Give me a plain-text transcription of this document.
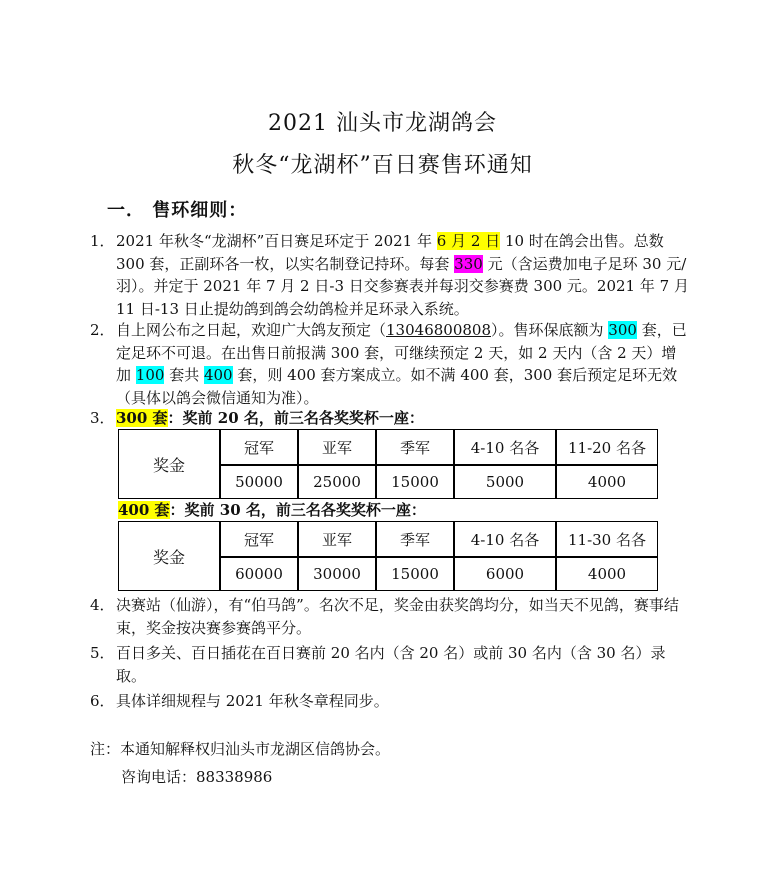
2021 汕头市龙湖鸽会
秋冬“龙湖杯”百日赛售环通知
一． 售环细则：
1． 2021 年秋冬“龙湖杯”百日赛足环定于 2021 年 6 月 2 日 10 时在鸽会出售。总数 300 套，正副环各一枚，以实名制登记持环。每套 330 元（含运费加电子足环 30 元/羽）。并定于 2021 年 7 月 2 日-3 日交参赛表并每羽交参赛费 300 元。2021 年 7 月 11 日-13 日止提幼鸽到鸽会幼鸽检并足环录入系统。
2． 自上网公布之日起，欢迎广大鸽友预定（13046800808）。售环保底额为 300 套，已定足环不可退。在出售日前报满 300 套，可继续预定 2 天，如 2 天内（含 2 天）增加 100 套共 400 套，则 400 套方案成立。如不满 400 套，300 套后预定足环无效（具体以鸽会微信通知为准）。
3． 300 套：奖前 20 名，前三名各奖奖杯一座：
奖金	冠军	亚军	季军	4-10 名各	11-20 名各
	50000	25000	15000	5000	4000
400 套：奖前 30 名，前三名各奖奖杯一座：
奖金	冠军	亚军	季军	4-10 名各	11-30 名各
	60000	30000	15000	6000	4000
4． 决赛站（仙游），有“伯马鸽”。名次不足，奖金由获奖鸽均分，如当天不见鸽，赛事结束，奖金按决赛参赛鸽平分。
5． 百日多关、百日插花在百日赛前 20 名内（含 20 名）或前 30 名内（含 30 名）录取。
6． 具体详细规程与 2021 年秋冬章程同步。
注：本通知解释权归汕头市龙湖区信鸽协会。
咨询电话：88338986
